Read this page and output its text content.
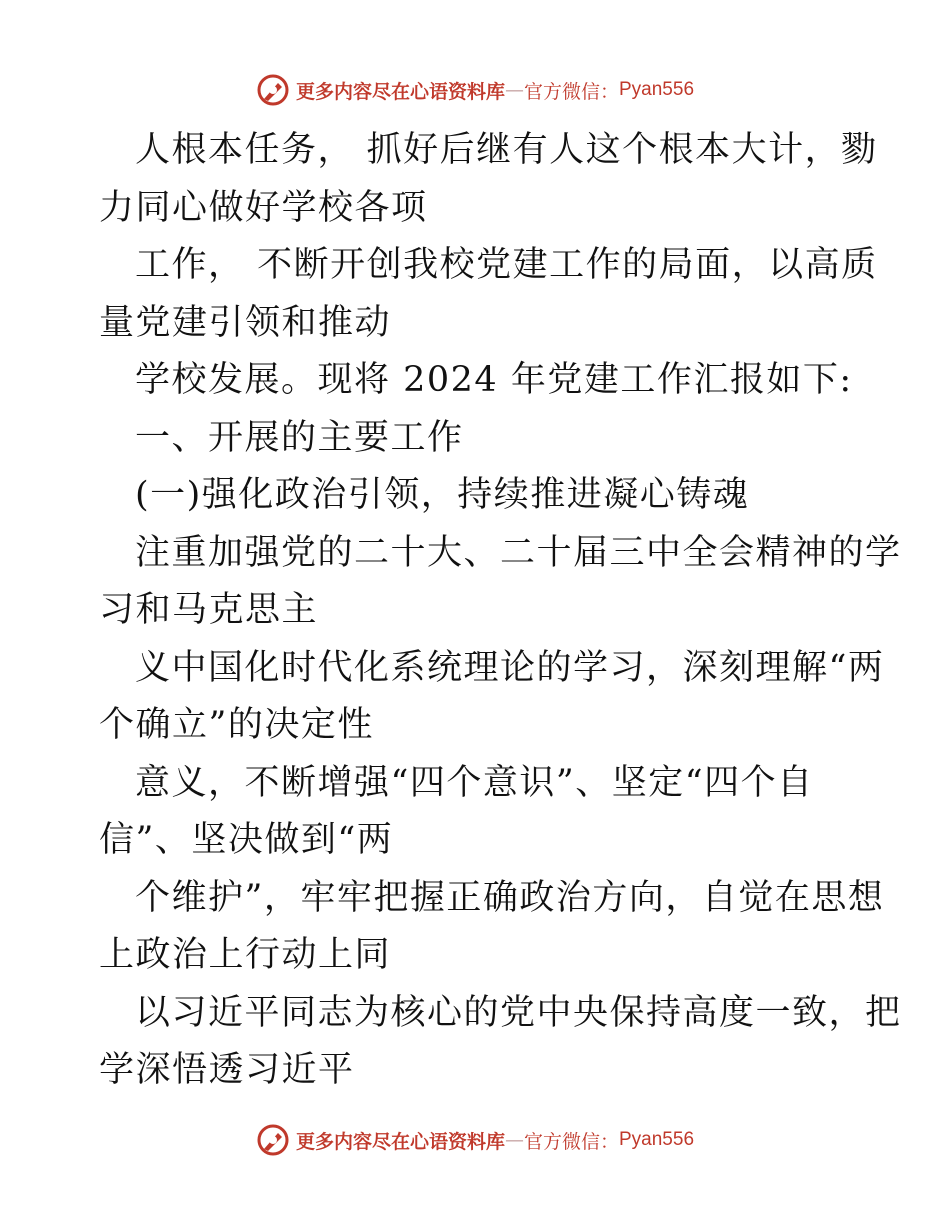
更多内容尽在心语资料库 — 官方微信： Pyan556
人根本任务， 抓好后继有人这个根本大计，勠
力同心做好学校各项
工作， 不断开创我校党建工作的局面，以高质
量党建引领和推动
学校发展。现将 2024 年党建工作汇报如下:
一、开展的主要工作
(一)强化政治引领，持续推进凝心铸魂
注重加强党的二十大、二十届三中全会精神的学
习和马克思主
义中国化时代化系统理论的学习，深刻理解“两
个确立”的决定性
意义，不断增强“四个意识”、坚定“四个自
信”、坚决做到“两
个维护”，牢牢把握正确政治方向，自觉在思想
上政治上行动上同
以习近平同志为核心的党中央保持高度一致，把
学深悟透习近平
更多内容尽在心语资料库 — 官方微信： Pyan556
